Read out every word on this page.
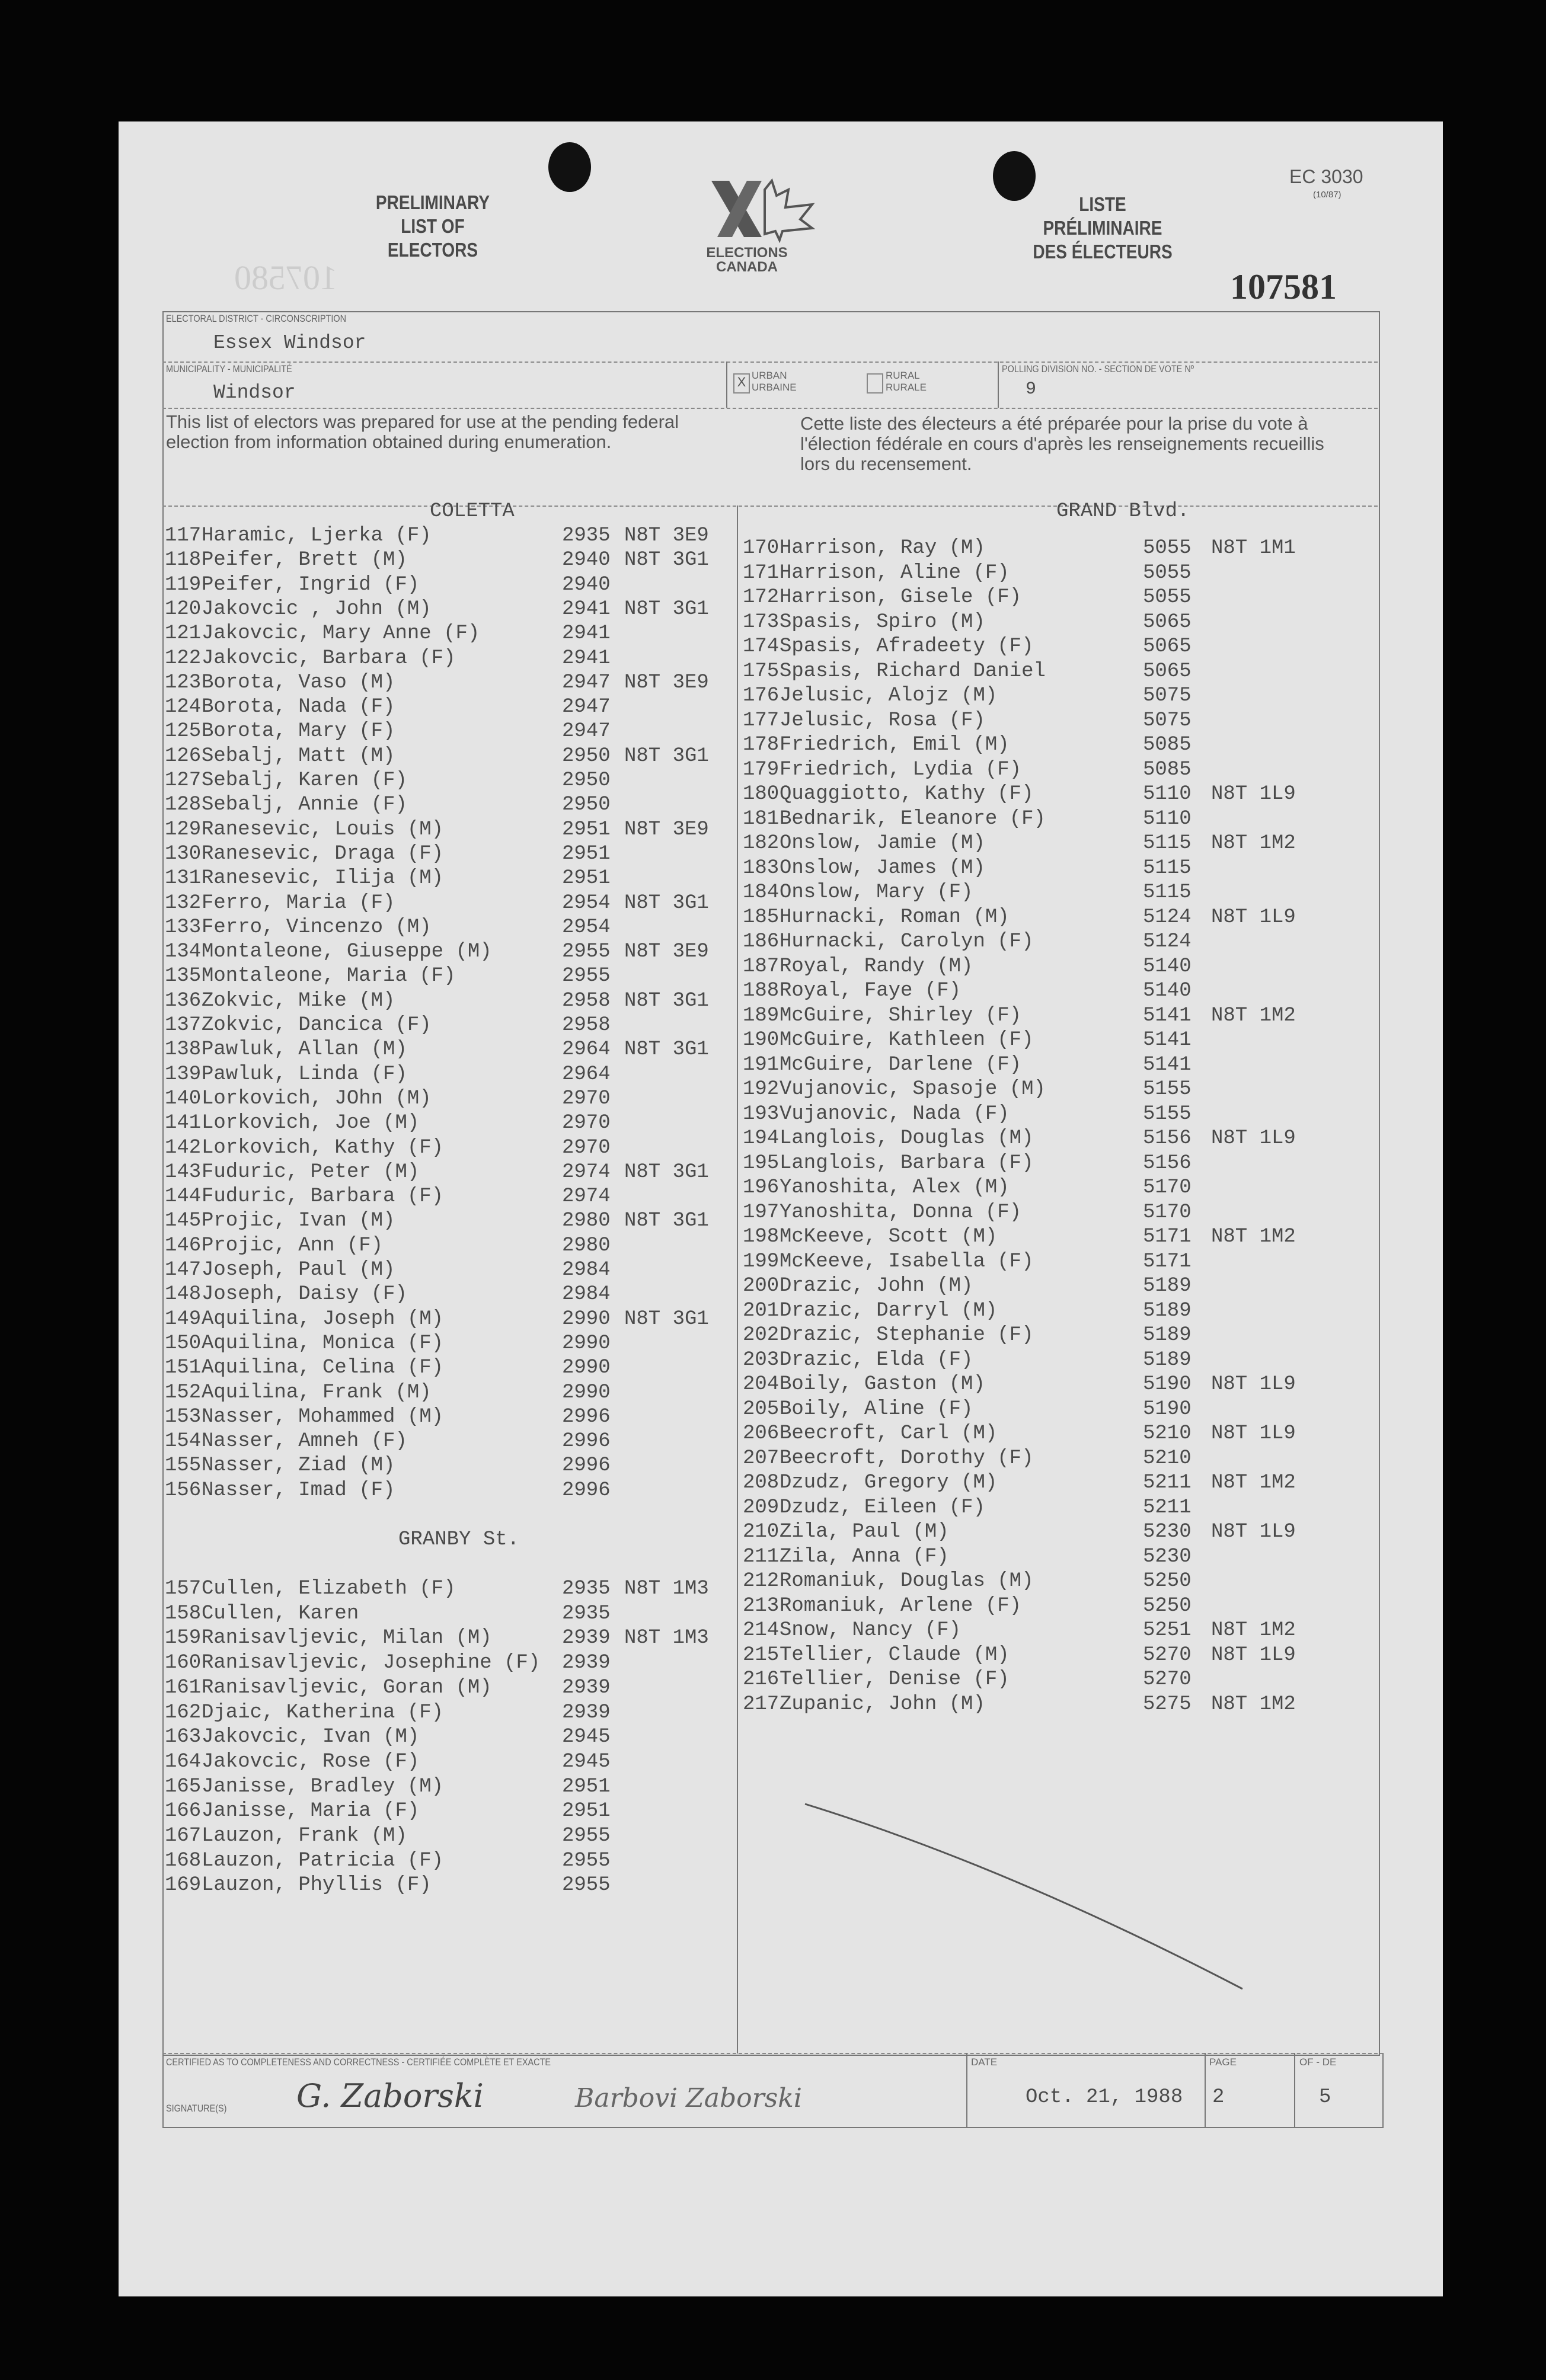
PRELIMINARY
LIST OF
ELECTORS	ELECTIONS
CANADA
LISTE
PRÉLIMINAIRE
DES ÉLECTEURS
EC 3030
(10/87)
107581
107580
ELECTORAL DISTRICT - CIRCONSCRIPTION
Essex Windsor
MUNICIPALITY - MUNICIPALITÉ
Windsor	X URBAN
URBAINE
RURAL
RURALE
POLLING DIVISION NO. - SECTION DE VOTE Nº
9
This list of electors was prepared for use at the pending federal election from information obtained during enumeration.
Cette liste des électeurs a été préparée pour la prise du vote à l'élection fédérale en cours d'après les renseignements recueillis lors du recensement.
COLETTA
117 Haramic, Ljerka (F)	2935 N8T 3E9
118 Peifer, Brett (M)	2940 N8T 3G1
119 Peifer, Ingrid (F)	2940
120 Jakovcic , John (M)	2941 N8T 3G1
121 Jakovcic, Mary Anne (F)	2941
122 Jakovcic, Barbara (F)	2941
123 Borota, Vaso (M)	2947 N8T 3E9
124 Borota, Nada (F)	2947
125 Borota, Mary (F)	2947
126 Sebalj, Matt (M)	2950 N8T 3G1
127 Sebalj, Karen (F)	2950
128 Sebalj, Annie (F)	2950
129 Ranesevic, Louis (M)	2951 N8T 3E9
130 Ranesevic, Draga (F)	2951
131 Ranesevic, Ilija (M)	2951
132 Ferro, Maria (F)	2954 N8T 3G1
133 Ferro, Vincenzo (M)	2954
134 Montaleone, Giuseppe (M)	2955 N8T 3E9
135 Montaleone, Maria (F)	2955
136 Zokvic, Mike (M)	2958 N8T 3G1
137 Zokvic, Dancica (F)	2958
138 Pawluk, Allan (M)	2964 N8T 3G1
139 Pawluk, Linda (F)	2964
140 Lorkovich, JOhn (M)	2970
141 Lorkovich, Joe (M)	2970
142 Lorkovich, Kathy (F)	2970
143 Fuduric, Peter (M)	2974 N8T 3G1
144 Fuduric, Barbara (F)	2974
145 Projic, Ivan (M)	2980 N8T 3G1
146 Projic, Ann (F)	2980
147 Joseph, Paul (M)	2984
148 Joseph, Daisy (F)	2984
149 Aquilina, Joseph (M)	2990 N8T 3G1
150 Aquilina, Monica (F)	2990
151 Aquilina, Celina (F)	2990
152 Aquilina, Frank (M)	2990
153 Nasser, Mohammed (M)	2996
154 Nasser, Amneh (F)	2996
155 Nasser, Ziad (M)	2996
156 Nasser, Imad (F)	2996
GRANBY St.
157 Cullen, Elizabeth (F)	2935 N8T 1M3
158 Cullen, Karen	2935
159 Ranisavljevic, Milan (M)	2939 N8T 1M3
160 Ranisavljevic, Josephine (F) 2939
161 Ranisavljevic, Goran (M)	2939
162 Djaic, Katherina (F)	2939
163 Jakovcic, Ivan (M)	2945
164 Jakovcic, Rose (F)	2945
165 Janisse, Bradley (M)	2951
166 Janisse, Maria (F)	2951
167 Lauzon, Frank (M)	2955
168 Lauzon, Patricia (F)	2955
169 Lauzon, Phyllis (F)	2955
GRAND Blvd.
170 Harrison, Ray (M)	5055 N8T 1M1
171 Harrison, Aline (F)	5055
172 Harrison, Gisele (F)	5055
173 Spasis, Spiro (M)	5065
174 Spasis, Afradeety (F)	5065
175 Spasis, Richard Daniel	5065
176 Jelusic, Alojz (M)	5075
177 Jelusic, Rosa (F)	5075
178 Friedrich, Emil (M)	5085
179 Friedrich, Lydia (F)	5085
180 Quaggiotto, Kathy (F)	5110 N8T 1L9
181 Bednarik, Eleanore (F)	5110
182 Onslow, Jamie (M)	5115 N8T 1M2
183 Onslow, James (M)	5115
184 Onslow, Mary (F)	5115
185 Hurnacki, Roman (M)	5124 N8T 1L9
186 Hurnacki, Carolyn (F)	5124
187 Royal, Randy (M)	5140
188 Royal, Faye (F)	5140
189 McGuire, Shirley (F)	5141 N8T 1M2
190 McGuire, Kathleen (F)	5141
191 McGuire, Darlene (F)	5141
192 Vujanovic, Spasoje (M)	5155
193 Vujanovic, Nada (F)	5155
194 Langlois, Douglas (M)	5156 N8T 1L9
195 Langlois, Barbara (F)	5156
196 Yanoshita, Alex (M)	5170
197 Yanoshita, Donna (F)	5170
198 McKeeve, Scott (M)	5171 N8T 1M2
199 McKeeve, Isabella (F)	5171
200 Drazic, John (M)	5189
201 Drazic, Darryl (M)	5189
202 Drazic, Stephanie (F)	5189
203 Drazic, Elda (F)	5189
204 Boily, Gaston (M)	5190 N8T 1L9
205 Boily, Aline (F)	5190
206 Beecroft, Carl (M)	5210 N8T 1L9
207 Beecroft, Dorothy (F)	5210
208 Dzudz, Gregory (M)	5211 N8T 1M2
209 Dzudz, Eileen (F)	5211
210 Zila, Paul (M)	5230 N8T 1L9
211 Zila, Anna (F)	5230
212 Romaniuk, Douglas (M)	5250
213 Romaniuk, Arlene (F)	5250
214 Snow, Nancy (F)	5251 N8T 1M2
215 Tellier, Claude (M)	5270 N8T 1L9
216 Tellier, Denise (F)	5270
217 Zupanic, John (M)	5275 N8T 1M2
CERTIFIED AS TO COMPLETENESS AND CORRECTNESS - CERTIFIÉE COMPLÈTE ET EXACTE
SIGNATURE(S) G. Zaborski	Barbovi Zaborski
DATE
Oct. 21, 1988
PAGE
2
OF - DE
5
